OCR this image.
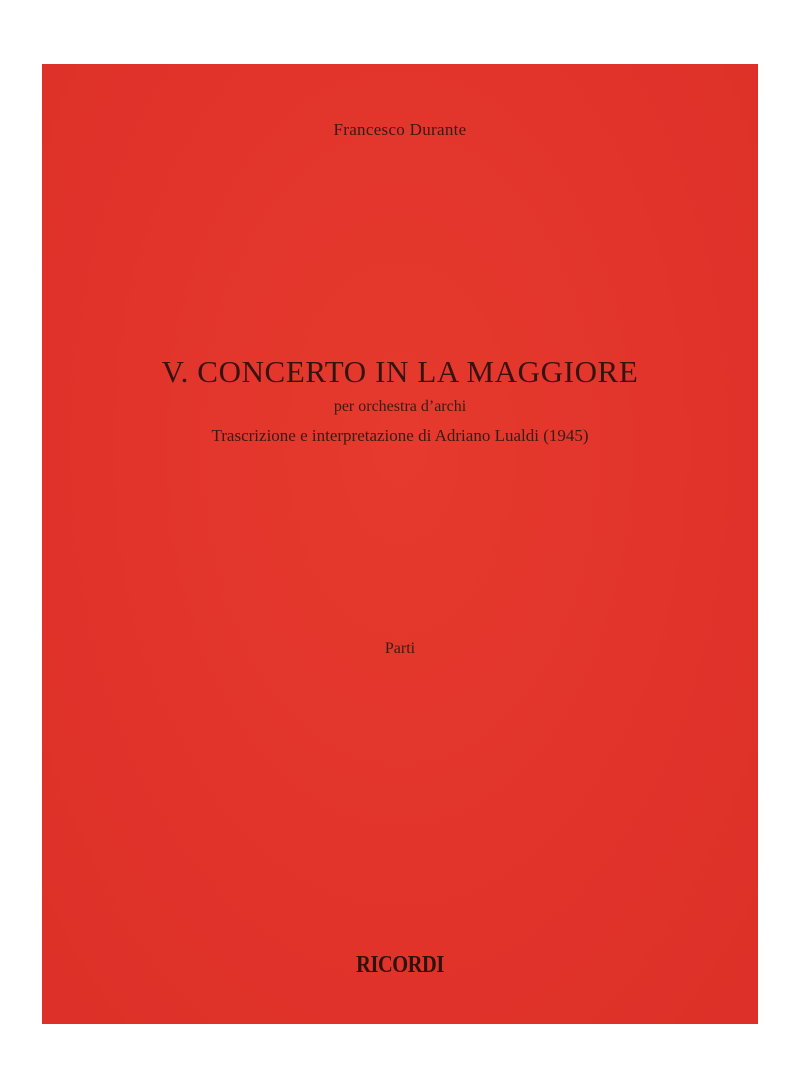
Francesco Durante
V. CONCERTO IN LA MAGGIORE
per orchestra d’archi
Trascrizione e interpretazione di Adriano Lualdi (1945)
Parti
RICORDI
